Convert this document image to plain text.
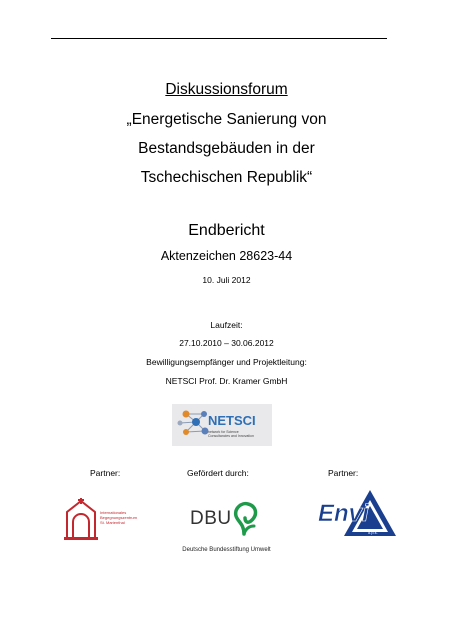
Diskussionsforum
„Energetische Sanierung von
Bestandsgebäuden in der
Tschechischen Republik“
Endbericht
Aktenzeichen 28623-44
10. Juli 2012
Laufzeit:
27.10.2010 – 30.06.2012
Bewilligungsempfänger und Projektleitung:
NETSCI Prof. Dr. Kramer GmbH
NETSCI
network for Science Consultancies and Innovation
Partner:	Gefördert durch:	Partner:
Internationales
Begegnungszentrum
St. Marienthal	DBU
Deutsche Bundesstiftung Umwelt
Envi
o.p.s.
